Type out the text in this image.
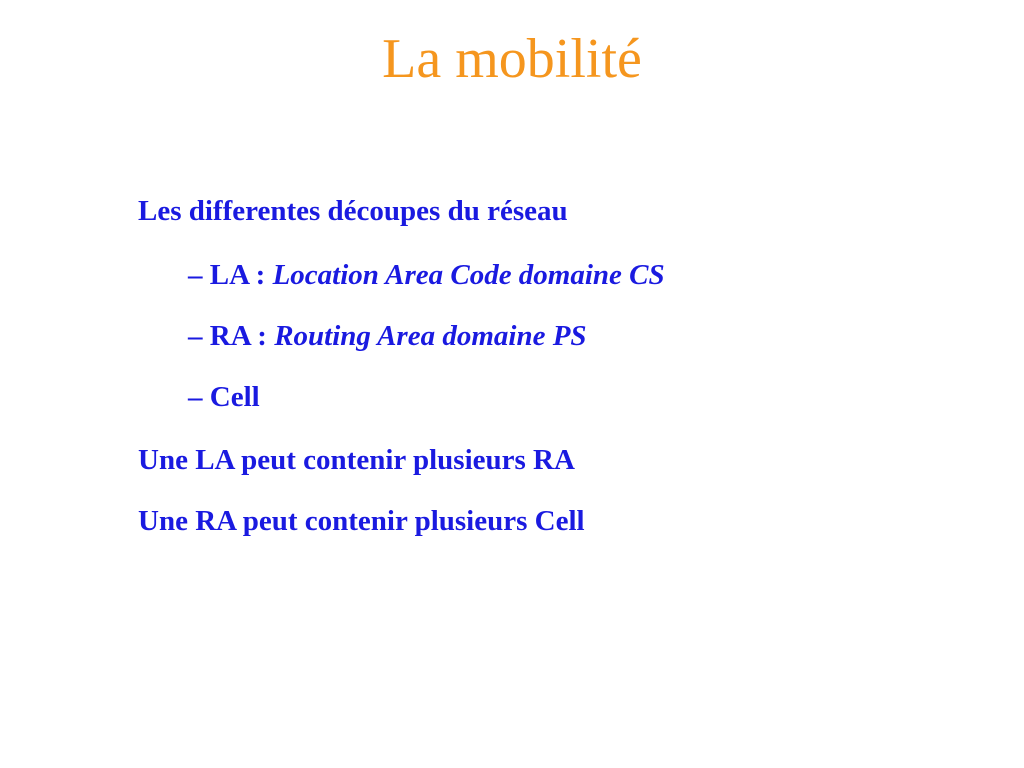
La mobilité
Les differentes découpes du réseau
– LA : Location Area Code domaine CS
– RA : Routing Area domaine PS
– Cell
Une LA peut contenir plusieurs RA
Une RA peut contenir plusieurs Cell
